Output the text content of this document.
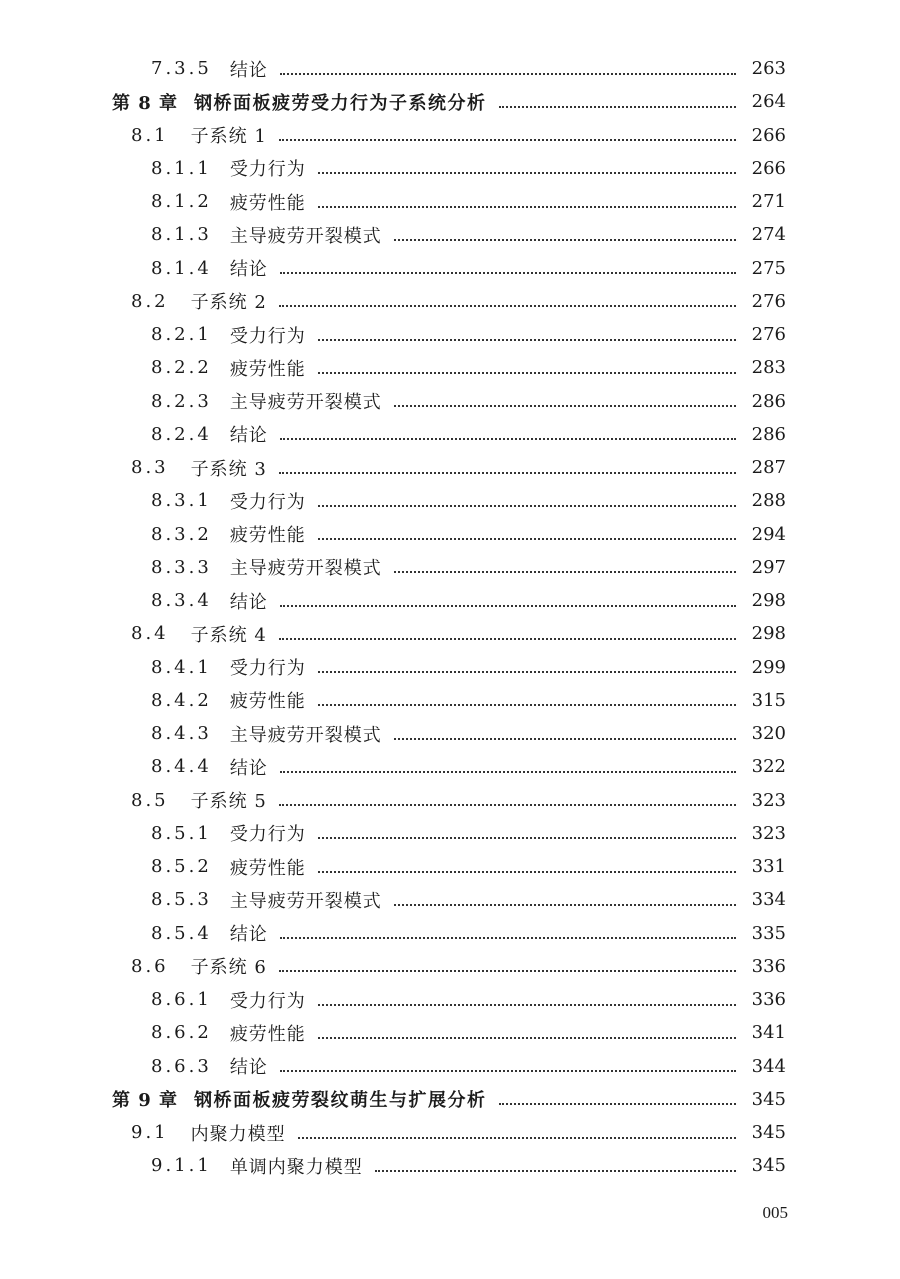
7.3.5 结论	263
第 8 章 钢桥面板疲劳受力行为子系统分析	264
8.1 子系统 1	266
8.1.1 受力行为	266
8.1.2 疲劳性能	271
8.1.3 主导疲劳开裂模式	274
8.1.4 结论	275
8.2 子系统 2	276
8.2.1 受力行为	276
8.2.2 疲劳性能	283
8.2.3 主导疲劳开裂模式	286
8.2.4 结论	286
8.3 子系统 3	287
8.3.1 受力行为	288
8.3.2 疲劳性能	294
8.3.3 主导疲劳开裂模式	297
8.3.4 结论	298
8.4 子系统 4	298
8.4.1 受力行为	299
8.4.2 疲劳性能	315
8.4.3 主导疲劳开裂模式	320
8.4.4 结论	322
8.5 子系统 5	323
8.5.1 受力行为	323
8.5.2 疲劳性能	331
8.5.3 主导疲劳开裂模式	334
8.5.4 结论	335
8.6 子系统 6	336
8.6.1 受力行为	336
8.6.2 疲劳性能	341
8.6.3 结论	344
第 9 章 钢桥面板疲劳裂纹萌生与扩展分析	345
9.1 内聚力模型	345
9.1.1 单调内聚力模型	345
005
